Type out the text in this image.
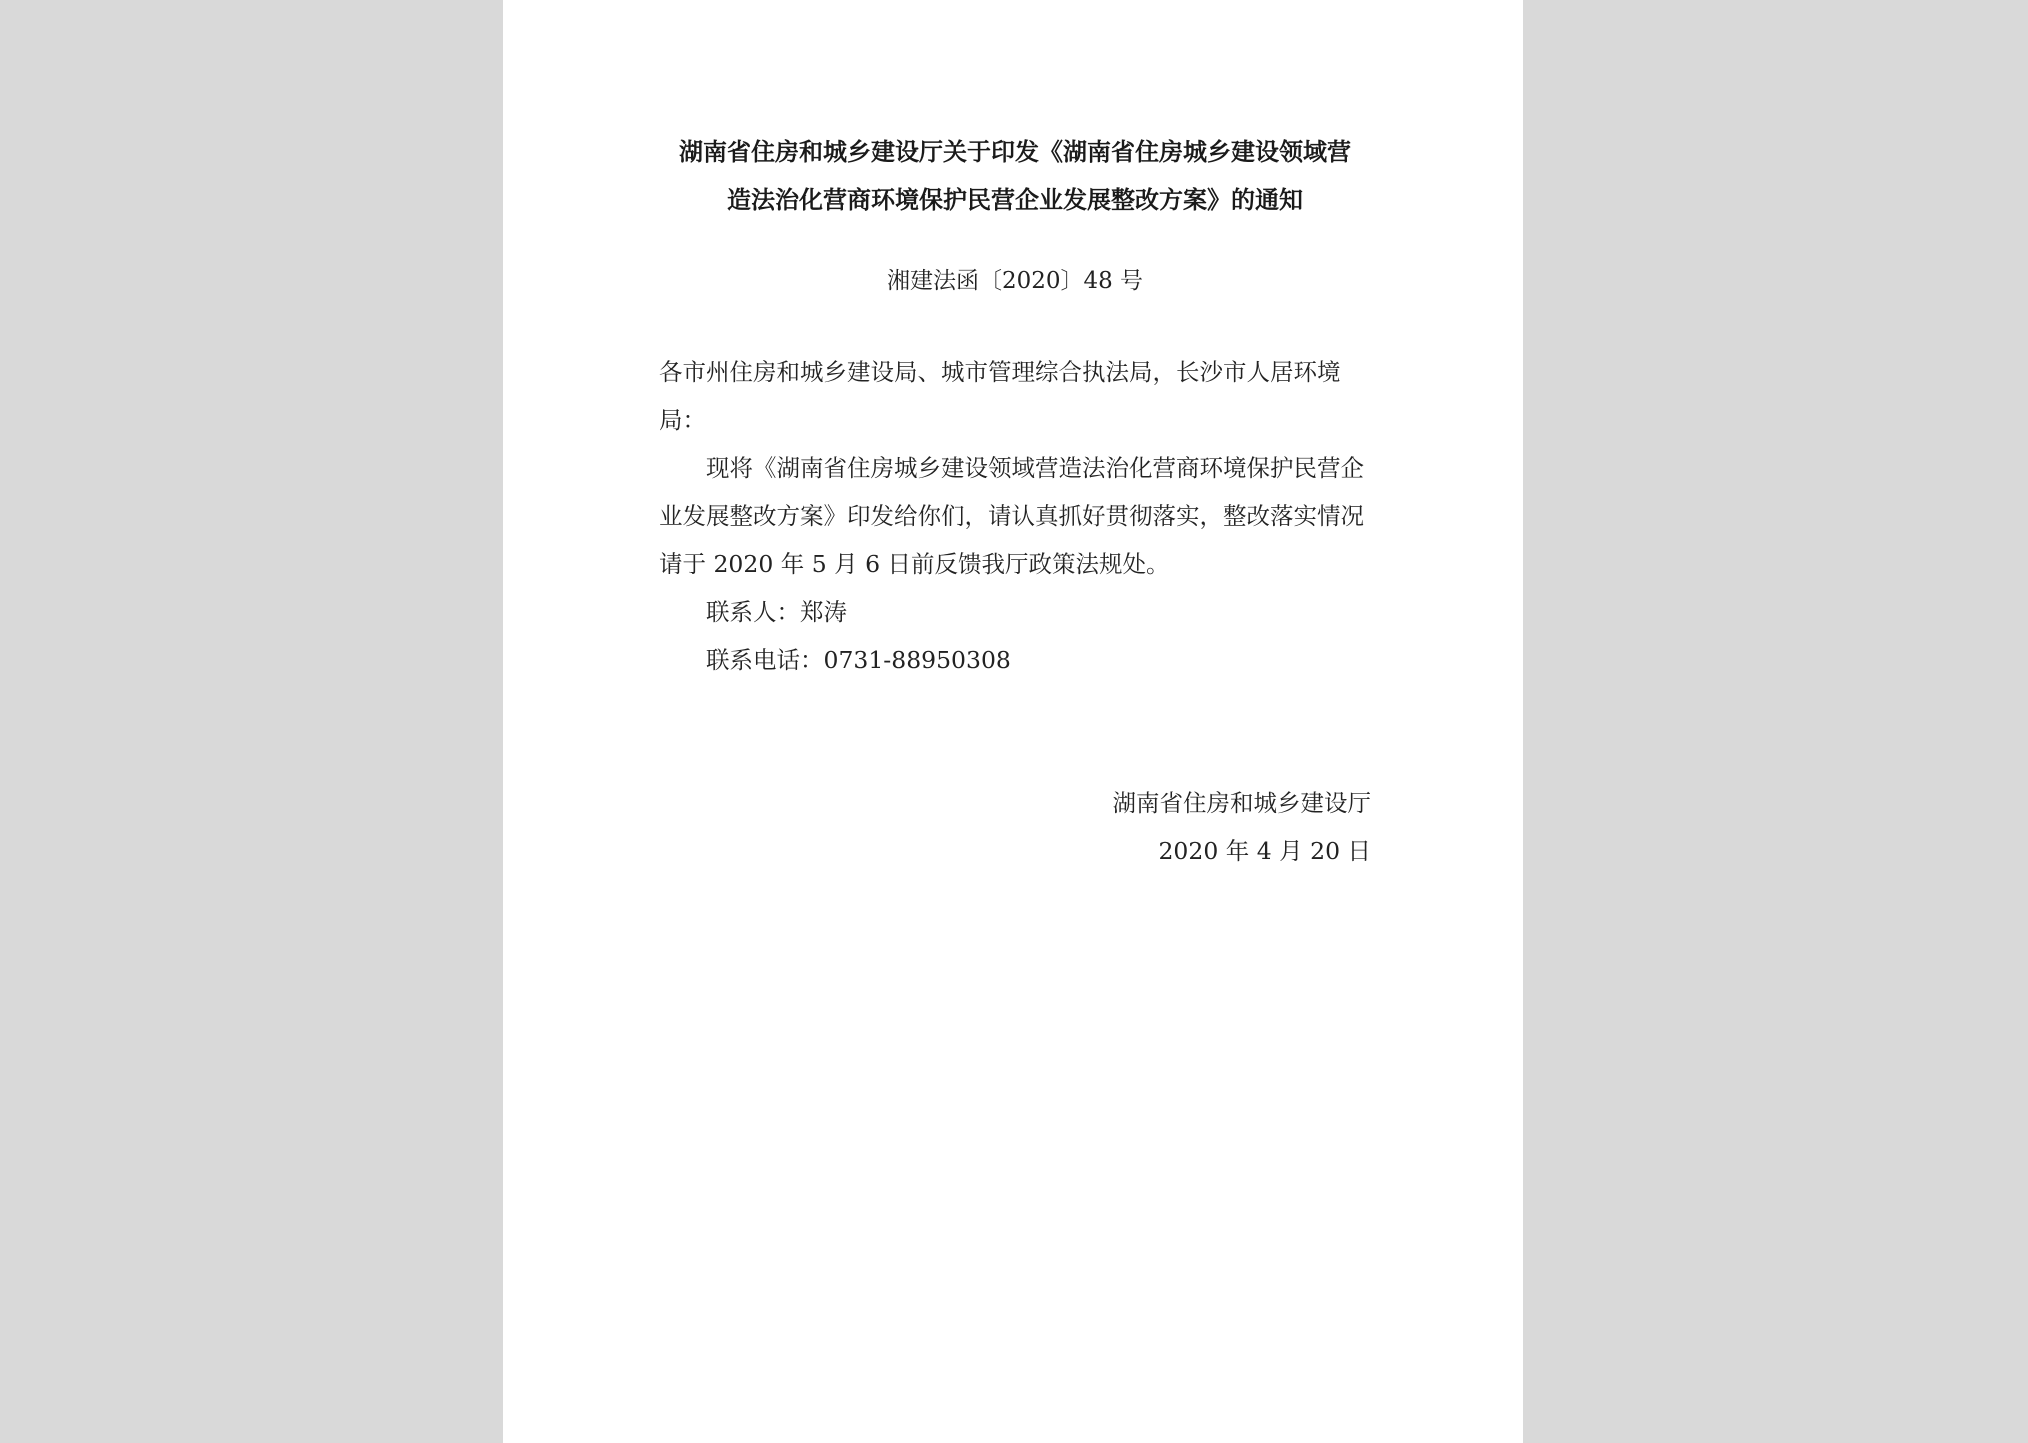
湖南省住房和城乡建设厅关于印发《湖南省住房城乡建设领域营
造法治化营商环境保护民营企业发展整改方案》的通知
湘建法函〔2020〕48 号

各市州住房和城乡建设局、城市管理综合执法局，长沙市人居环境局：

现将《湖南省住房城乡建设领域营造法治化营商环境保护民营企业发展整改方案》印发给你们，请认真抓好贯彻落实，整改落实情况请于 2020 年 5 月 6 日前反馈我厅政策法规处。

联系人：郑涛
联系电话：0731-88950308
湖南省住房和城乡建设厅
2020 年 4 月 20 日
